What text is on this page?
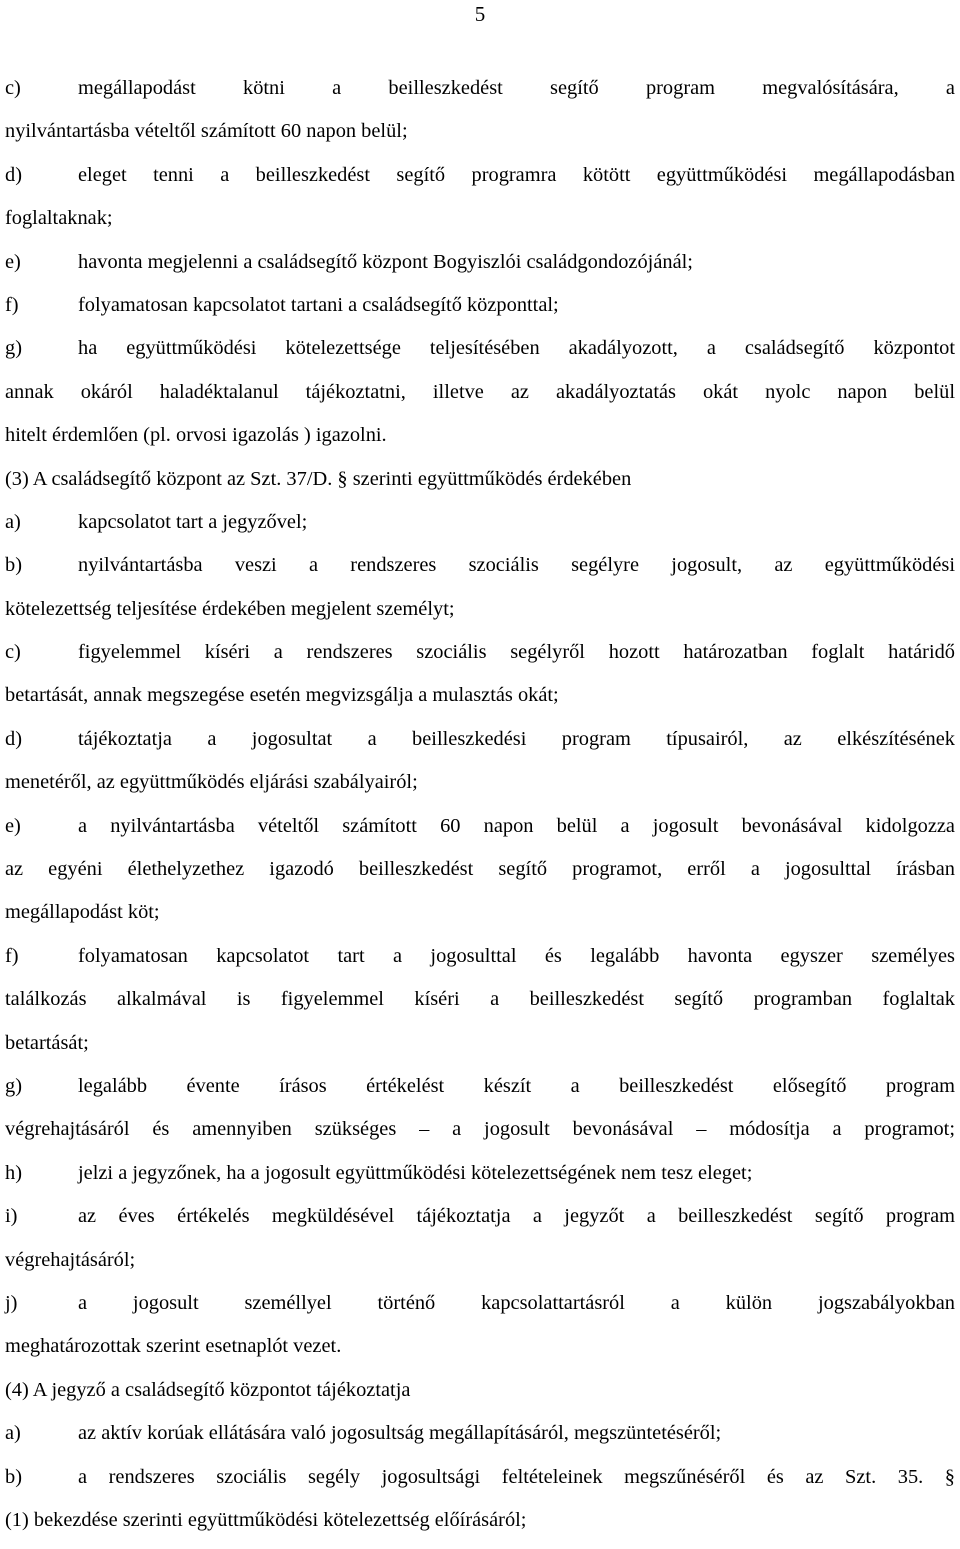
5
c)	megállapodást kötni a beilleszkedést segítő program megvalósítására, a
nyilvántartásba vételtől számított 60 napon belül;
d)	eleget tenni a beilleszkedést segítő programra kötött együttműködési megállapodásban
foglaltaknak;
e)	havonta megjelenni a családsegítő központ Bogyiszlói családgondozójánál;
f)	folyamatosan kapcsolatot tartani a családsegítő központtal;
g)	ha együttműködési kötelezettsége teljesítésében akadályozott, a családsegítő központot
annak okáról haladéktalanul tájékoztatni, illetve az akadályoztatás okát nyolc napon belül
hitelt érdemlően (pl. orvosi igazolás ) igazolni.
(3) A családsegítő központ az Szt. 37/D. § szerinti együttműködés érdekében
a)	kapcsolatot tart a jegyzővel;
b)	nyilvántartásba veszi a rendszeres szociális segélyre jogosult, az együttműködési
kötelezettség teljesítése érdekében megjelent személyt;
c)	figyelemmel kíséri a rendszeres szociális segélyről hozott határozatban foglalt határidő
betartását, annak megszegése esetén megvizsgálja a mulasztás okát;
d)	tájékoztatja a jogosultat a beilleszkedési program típusairól, az elkészítésének
menetéről, az együttműködés eljárási szabályairól;
e)	a nyilvántartásba vételtől számított 60 napon belül a jogosult bevonásával kidolgozza
az egyéni élethelyzethez igazodó beilleszkedést segítő programot, erről a jogosulttal írásban
megállapodást köt;
f)	folyamatosan kapcsolatot tart a jogosulttal és legalább havonta egyszer személyes
találkozás alkalmával is figyelemmel kíséri a beilleszkedést segítő programban foglaltak
betartását;
g)	legalább évente írásos értékelést készít a beilleszkedést elősegítő program
végrehajtásáról és amennyiben szükséges – a jogosult bevonásával – módosítja a programot;
h)	jelzi a jegyzőnek, ha a jogosult együttműködési kötelezettségének nem tesz eleget;
i)	az éves értékelés megküldésével tájékoztatja a jegyzőt a beilleszkedést segítő program
végrehajtásáról;
j)	a jogosult személlyel történő kapcsolattartásról a külön jogszabályokban
meghatározottak szerint esetnaplót vezet.
(4) A jegyző a családsegítő központot tájékoztatja
a)	az aktív korúak ellátására való jogosultság megállapításáról, megszüntetéséről;
b)	a rendszeres szociális segély jogosultsági feltételeinek megszűnéséről és az Szt. 35. §
(1) bekezdése szerinti együttműködési kötelezettség előírásáról;
